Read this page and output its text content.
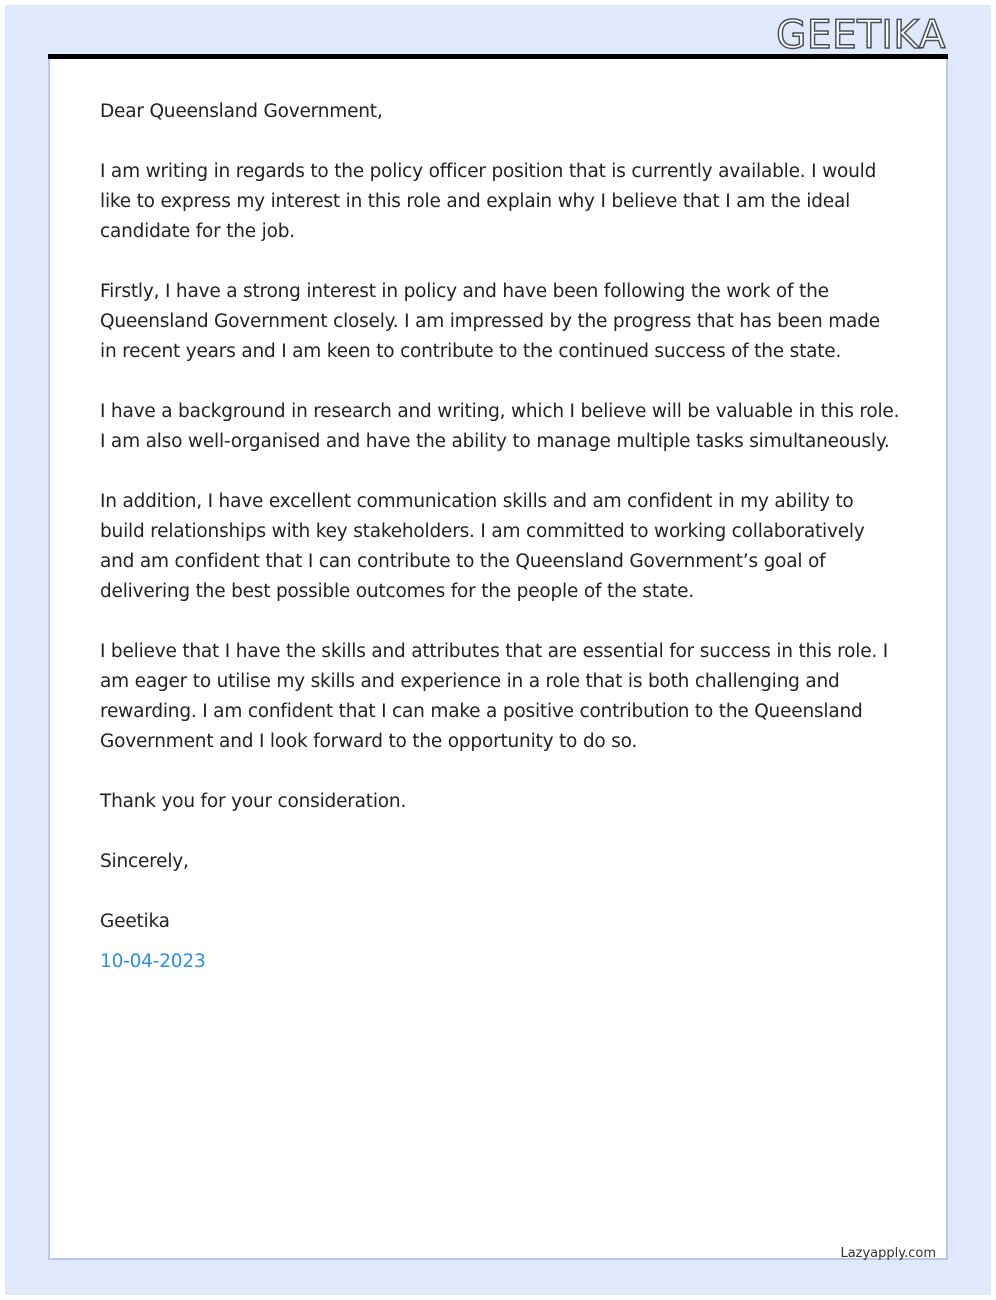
GEETIKA

Dear Queensland Government,

I am writing in regards to the policy officer position that is currently available. I would like to express my interest in this role and explain why I believe that I am the ideal candidate for the job.

Firstly, I have a strong interest in policy and have been following the work of the Queensland Government closely. I am impressed by the progress that has been made in recent years and I am keen to contribute to the continued success of the state.

I have a background in research and writing, which I believe will be valuable in this role. I am also well-organised and have the ability to manage multiple tasks simultaneously.

In addition, I have excellent communication skills and am confident in my ability to build relationships with key stakeholders. I am committed to working collaboratively and am confident that I can contribute to the Queensland Government’s goal of delivering the best possible outcomes for the people of the state.

I believe that I have the skills and attributes that are essential for success in this role. I am eager to utilise my skills and experience in a role that is both challenging and rewarding. I am confident that I can make a positive contribution to the Queensland Government and I look forward to the opportunity to do so.

Thank you for your consideration.

Sincerely,

Geetika

10-04-2023

Lazyapply.com
